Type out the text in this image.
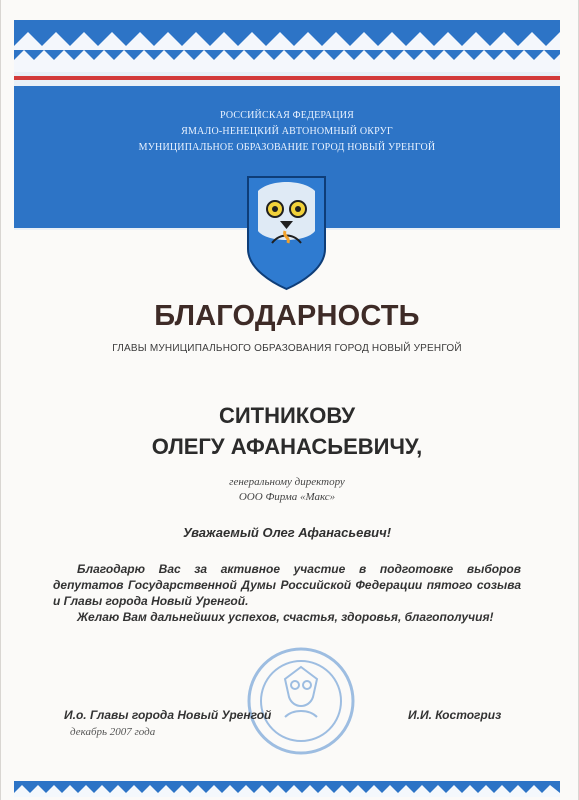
РОССИЙСКАЯ ФЕДЕРАЦИЯ
ЯМАЛО-НЕНЕЦКИЙ АВТОНОМНЫЙ ОКРУГ
МУНИЦИПАЛЬНОЕ ОБРАЗОВАНИЕ ГОРОД НОВЫЙ УРЕНГОЙ
БЛАГОДАРНОСТЬ
ГЛАВЫ МУНИЦИПАЛЬНОГО ОБРАЗОВАНИЯ ГОРОД НОВЫЙ УРЕНГОЙ
СИТНИКОВУ
ОЛЕГУ АФАНАСЬЕВИЧУ,
генеральному директору
ООО Фирма «Макс»
Уважаемый Олег Афанасьевич!

Благодарю Вас за активное участие в подготовке выборов депутатов Государственной Думы Российской Федерации пятого созыва и Главы города Новый Уренгой.

Желаю Вам дальнейших успехов, счастья, здоровья, благополучия!

И.о. Главы города Новый Уренгой	И.И. Костогриз
декабрь 2007 года
